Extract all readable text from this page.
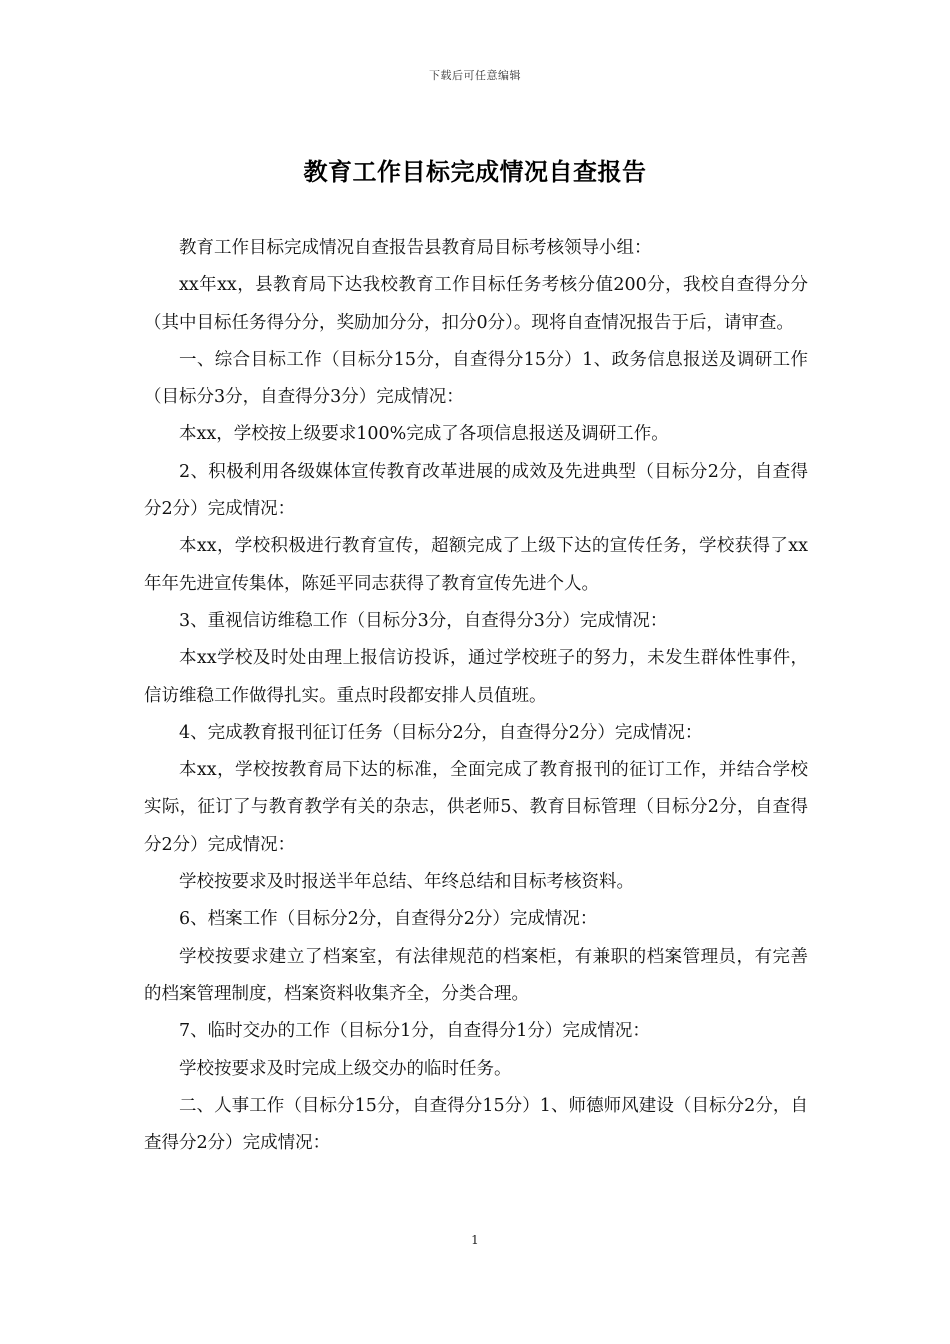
下载后可任意编辑
教育工作目标完成情况自查报告

教育工作目标完成情况自查报告县教育局目标考核领导小组：

xx年xx，县教育局下达我校教育工作目标任务考核分值200分，我校自查得分分（其中目标任务得分分，奖励加分分，扣分0分）。现将自查情况报告于后，请审查。

一、综合目标工作（目标分15分，自查得分15分）1、政务信息报送及调研工作（目标分3分，自查得分3分）完成情况：

本xx，学校按上级要求100%完成了各项信息报送及调研工作。

2、积极利用各级媒体宣传教育改革进展的成效及先进典型（目标分2分，自查得分2分）完成情况：

本xx，学校积极进行教育宣传，超额完成了上级下达的宣传任务，学校获得了xx年年先进宣传集体，陈延平同志获得了教育宣传先进个人。

3、重视信访维稳工作（目标分3分，自查得分3分）完成情况：

本xx学校及时处由理上报信访投诉，通过学校班子的努力，未发生群体性事件，信访维稳工作做得扎实。重点时段都安排人员值班。

4、完成教育报刊征订任务（目标分2分，自查得分2分）完成情况：

本xx，学校按教育局下达的标准，全面完成了教育报刊的征订工作，并结合学校实际，征订了与教育教学有关的杂志，供老师5、教育目标管理（目标分2分，自查得分2分）完成情况：

学校按要求及时报送半年总结、年终总结和目标考核资料。

6、档案工作（目标分2分，自查得分2分）完成情况：

学校按要求建立了档案室，有法律规范的档案柜，有兼职的档案管理员，有完善的档案管理制度，档案资料收集齐全，分类合理。

7、临时交办的工作（目标分1分，自查得分1分）完成情况：

学校按要求及时完成上级交办的临时任务。

二、人事工作（目标分15分，自查得分15分）1、师德师风建设（目标分2分，自查得分2分）完成情况：

1
